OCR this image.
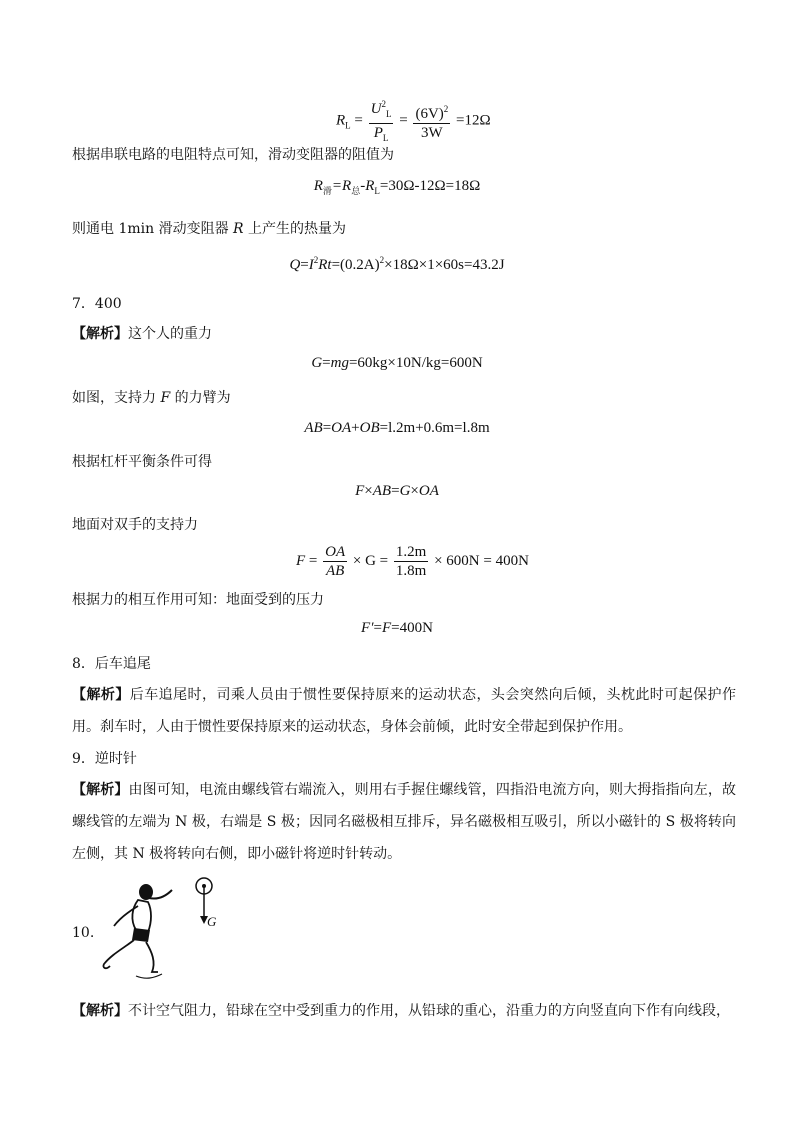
$R_L = \frac{U^2_L}{P_L} = \frac{(6V)^2}{3W} =12\Omega$
根据串联电路的电阻特点可知，滑动变阻器的阻值为
$R_滑=R_总-R_L=30\Omega-12\Omega=18\Omega$
则通电 1min 滑动变阻器 R 上产生的热量为
$Q=I^2Rt=(0.2A)^2\times 18\Omega\times 1\times 60s=43.2J$
7．400
【解析】这个人的重力
G=mg=60kg×10N/kg=600N
如图，支持力 F 的力臂为
AB=OA+OB=l.2m+0.6m=l.8m
根据杠杆平衡条件可得
F×AB=G×OA
地面对双手的支持力
$F = \frac{OA}{AB} \times G = \frac{1.2m}{1.8m} \times 600N = 400N$
根据力的相互作用可知：地面受到的压力
F′=F=400N
8．后车追尾
【解析】后车追尾时，司乘人员由于惯性要保持原来的运动状态，头会突然向后倾，头枕此时可起保护作用。刹车时，人由于惯性要保持原来的运动状态，身体会前倾，此时安全带起到保护作用。
9．逆时针
【解析】由图可知，电流由螺线管右端流入，则用右手握住螺线管，四指沿电流方向，则大拇指指向左，故螺线管的左端为 N 极，右端是 S 极；因同名磁极相互排斥，异名磁极相互吸引，所以小磁针的 S 极将转向左侧，其 N 极将转向右侧，即小磁针将逆时针转动。
10.
G
【解析】不计空气阻力，铅球在空中受到重力的作用，从铅球的重心，沿重力的方向竖直向下作有向线段，
